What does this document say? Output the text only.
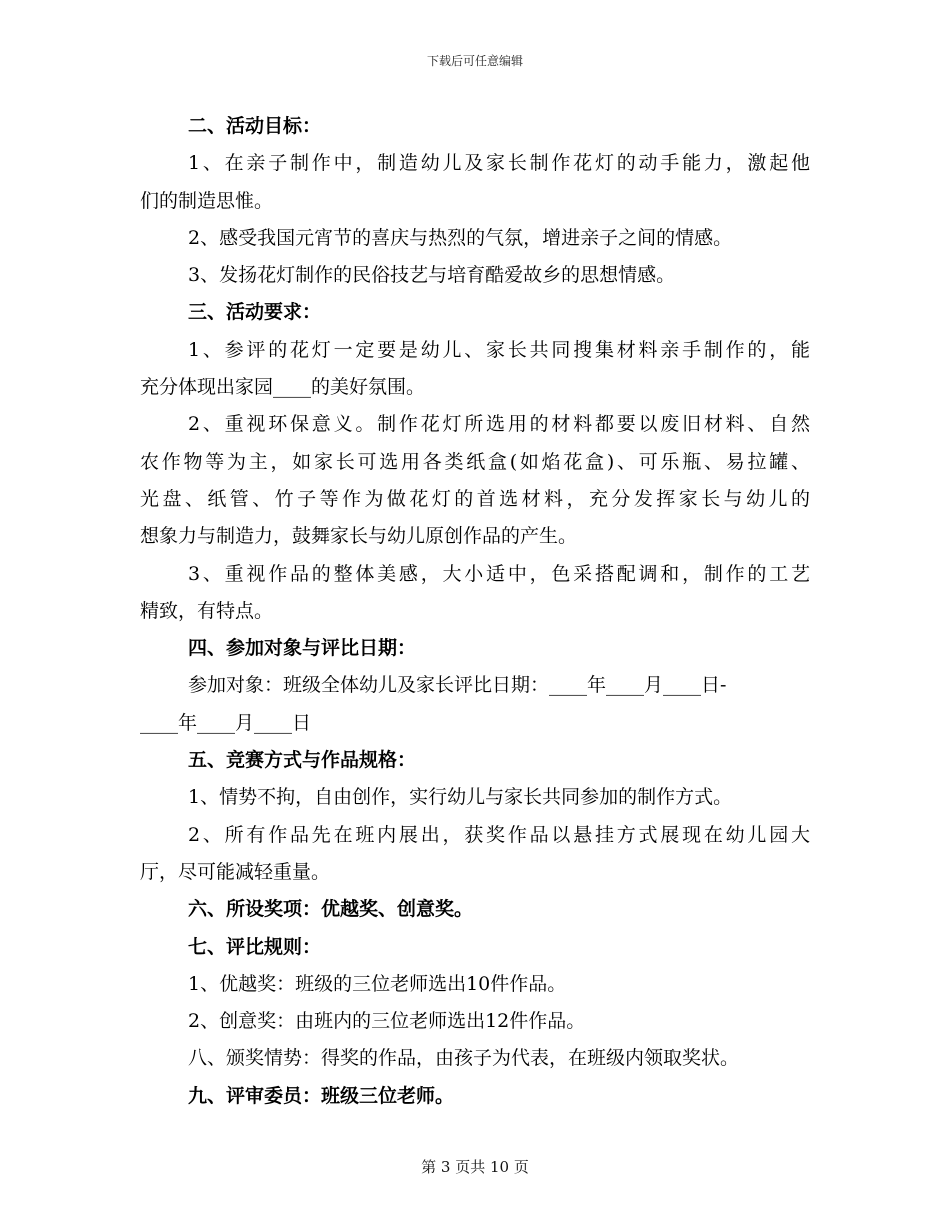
下载后可任意编辑
二、活动目标：
1、在亲子制作中，制造幼儿及家长制作花灯的动手能力，激起他
们的制造思惟。
2、感受我国元宵节的喜庆与热烈的气氛，增进亲子之间的情感。
3、发扬花灯制作的民俗技艺与培育酷爱故乡的思想情感。
三、活动要求：
1、参评的花灯一定要是幼儿、家长共同搜集材料亲手制作的，能
充分体现出家园____的美好氛围。
2、重视环保意义。制作花灯所选用的材料都要以废旧材料、自然
农作物等为主，如家长可选用各类纸盒(如焰花盒)、可乐瓶、易拉罐、
光盘、纸管、竹子等作为做花灯的首选材料，充分发挥家长与幼儿的
想象力与制造力，鼓舞家长与幼儿原创作品的产生。
3、重视作品的整体美感，大小适中，色采搭配调和，制作的工艺
精致，有特点。
四、参加对象与评比日期：
参加对象：班级全体幼儿及家长评比日期：____年____月____日-
____年____月____日
五、竞赛方式与作品规格：
1、情势不拘，自由创作，实行幼儿与家长共同参加的制作方式。
2、所有作品先在班内展出，获奖作品以悬挂方式展现在幼儿园大
厅，尽可能减轻重量。
六、所设奖项：优越奖、创意奖。
七、评比规则：
1、优越奖：班级的三位老师选出10件作品。
2、创意奖：由班内的三位老师选出12件作品。
八、颁奖情势：得奖的作品，由孩子为代表，在班级内领取奖状。
九、评审委员：班级三位老师。
第 3 页共 10 页
